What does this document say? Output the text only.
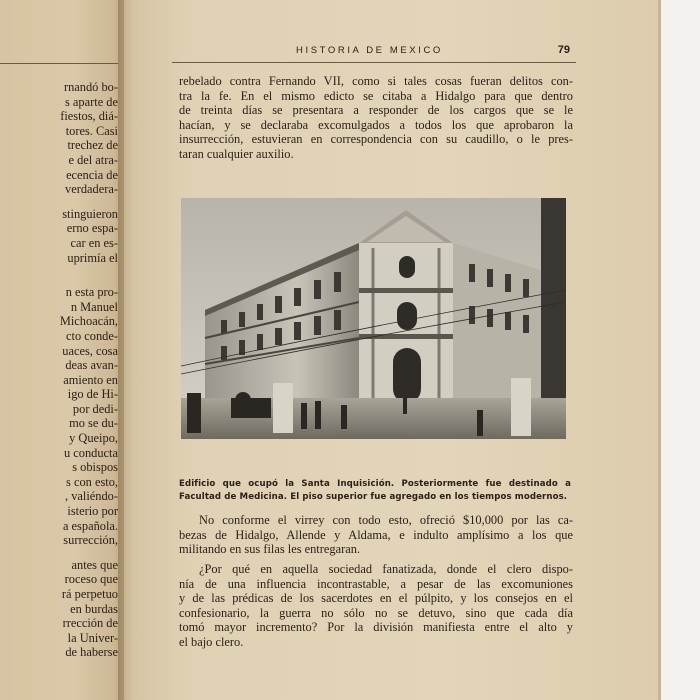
rnandó bo-
s aparte de
fiestos, diá-
tores. Casi
trechez de
e del atra-
ecencia de
verdadera-
stinguieron
erno espa-
car en es-
uprimía el
n esta pro-
n Manuel
Michoacán,
cto conde-
uaces, cosa
deas avan-
amiento en
igo de Hi-
por dedi-
mo se du-
y Queipo,
u conducta
s obispos
s con esto,
, valiéndo-
isterio por
a española.
surrección,
antes que
roceso que
rá perpetuo
en burdas
rrección de
la Univer-
de haberse
HISTORIA DE MEXICO	79
rebelado contra Fernando VII, como si tales cosas fueran delitos con-
tra la fe. En el mismo edicto se citaba a Hidalgo para que dentro
de treinta días se presentara a responder de los cargos que se le
hacían, y se declaraba excomulgados a todos los que aprobaron la
insurrección, estuvieran en correspondencia con su caudillo, o le pres-
taran cualquier auxilio.
Edificio que ocupó la Santa Inquisición. Posteriormente fue destinado a
Facultad de Medicina. El piso superior fue agregado en los tiempos modernos.
No conforme el virrey con todo esto, ofreció $10,000 por las ca-
bezas de Hidalgo, Allende y Aldama, e indulto amplísimo a los que
militando en sus filas les entregaran.
¿Por qué en aquella sociedad fanatizada, donde el clero dispo-
nía de una influencia incontrastable, a pesar de las excomuniones
y de las prédicas de los sacerdotes en el púlpito, y los consejos en el
confesionario, la guerra no sólo no se detuvo, sino que cada día
tomó mayor incremento? Por la división manifiesta entre el alto y
el bajo clero.
